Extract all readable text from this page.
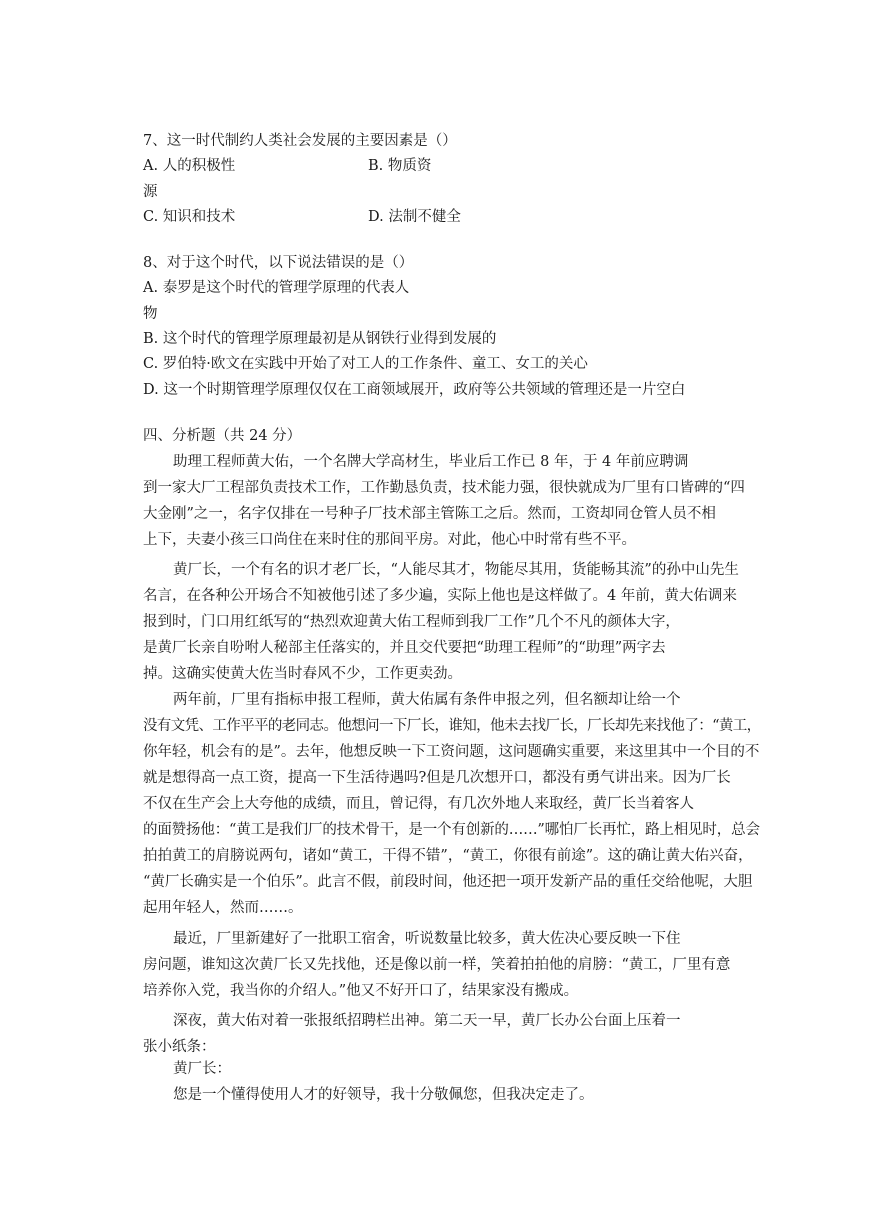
7、这一时代制约人类社会发展的主要因素是（）
A. 人的积极性	B. 物质资
源
C. 知识和技术	D. 法制不健全
8、对于这个时代，以下说法错误的是（）
A. 泰罗是这个时代的管理学原理的代表人
物
B. 这个时代的管理学原理最初是从钢铁行业得到发展的
C. 罗伯特·欧文在实践中开始了对工人的工作条件、童工、女工的关心
D. 这一个时期管理学原理仅仅在工商领域展开，政府等公共领域的管理还是一片空白
四、分析题（共 24 分）
助理工程师黄大佑，一个名牌大学高材生，毕业后工作已 8 年，于 4 年前应聘调
到一家大厂工程部负责技术工作，工作勤恳负责，技术能力强，很快就成为厂里有口皆碑的“四
大金刚”之一，名字仅排在一号种子厂技术部主管陈工之后。然而，工资却同仓管人员不相
上下，夫妻小孩三口尚住在来时住的那间平房。对此，他心中时常有些不平。
黄厂长，一个有名的识才老厂长，“人能尽其才，物能尽其用，货能畅其流”的孙中山先生
名言，在各种公开场合不知被他引述了多少遍，实际上他也是这样做了。4 年前，黄大佑调来
报到时，门口用红纸写的“热烈欢迎黄大佑工程师到我厂工作”几个不凡的颜体大字，
是黄厂长亲自吩咐人秘部主任落实的，并且交代要把“助理工程师”的“助理”两字去
掉。这确实使黄大佐当时春风不少，工作更卖劲。
两年前，厂里有指标申报工程师，黄大佑属有条件申报之列，但名额却让给一个
没有文凭、工作平平的老同志。他想问一下厂长，谁知，他未去找厂长，厂长却先来找他了：“黄工，
你年轻，机会有的是”。去年，他想反映一下工资问题，这问题确实重要，来这里其中一个目的不
就是想得高一点工资，提高一下生活待遇吗?但是几次想开口，都没有勇气讲出来。因为厂长
不仅在生产会上大夸他的成绩，而且，曾记得，有几次外地人来取经，黄厂长当着客人
的面赞扬他：“黄工是我们厂的技术骨干，是一个有创新的……”哪怕厂长再忙，路上相见时，总会
拍拍黄工的肩膀说两句，诸如“黄工，干得不错”，“黄工，你很有前途”。这的确让黄大佑兴奋，
“黄厂长确实是一个伯乐”。此言不假，前段时间，他还把一项开发新产品的重任交给他呢，大胆
起用年轻人，然而……。
最近，厂里新建好了一批职工宿舍，听说数量比较多，黄大佐决心要反映一下住
房问题，谁知这次黄厂长又先找他，还是像以前一样，笑着拍拍他的肩膀：“黄工，厂里有意
培养你入党，我当你的介绍人。”他又不好开口了，结果家没有搬成。
深夜，黄大佑对着一张报纸招聘栏出神。第二天一早，黄厂长办公台面上压着一
张小纸条：
黄厂长：
您是一个懂得使用人才的好领导，我十分敬佩您，但我决定走了。
